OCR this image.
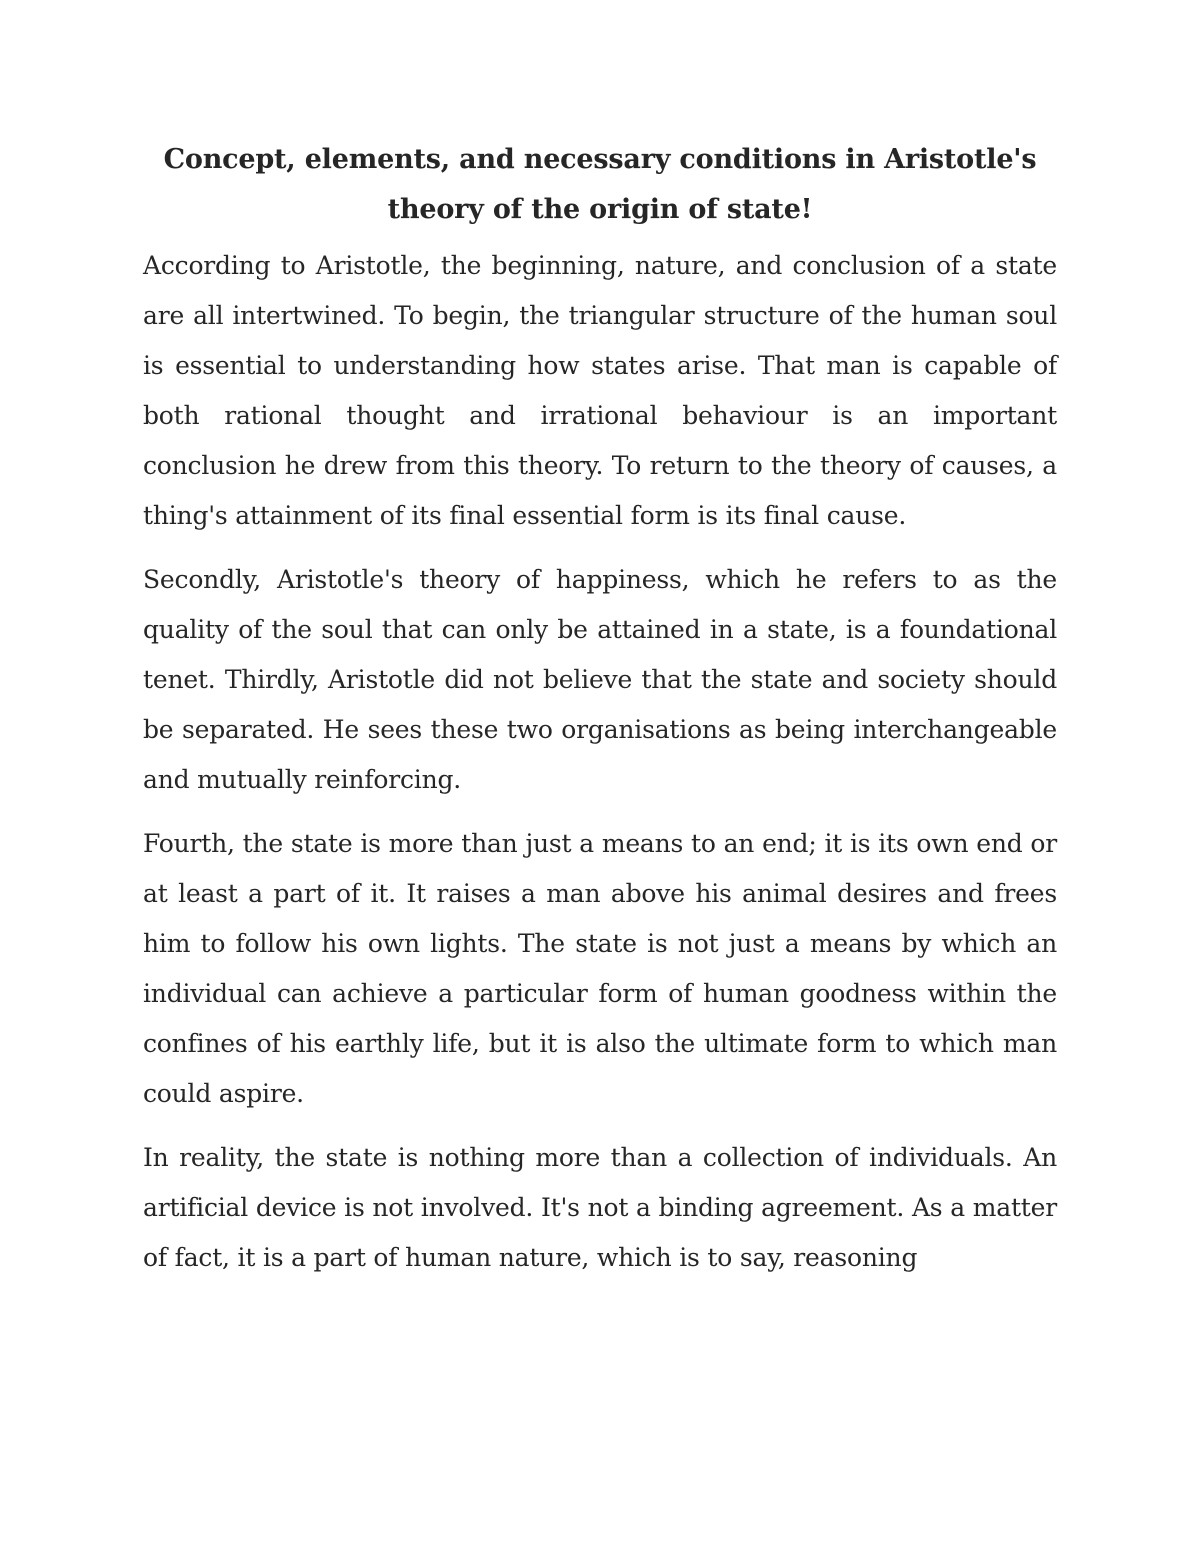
Concept, elements, and necessary conditions in Aristotle's theory of the origin of state!

According to Aristotle, the beginning, nature, and conclusion of a state are all intertwined. To begin, the triangular structure of the human soul is essential to understanding how states arise. That man is capable of both rational thought and irrational behaviour is an important conclusion he drew from this theory. To return to the theory of causes, a thing's attainment of its final essential form is its final cause.

Secondly, Aristotle's theory of happiness, which he refers to as the quality of the soul that can only be attained in a state, is a foundational tenet. Thirdly, Aristotle did not believe that the state and society should be separated. He sees these two organisations as being interchangeable and mutually reinforcing.

Fourth, the state is more than just a means to an end; it is its own end or at least a part of it. It raises a man above his animal desires and frees him to follow his own lights. The state is not just a means by which an individual can achieve a particular form of human goodness within the confines of his earthly life, but it is also the ultimate form to which man could aspire.

In reality, the state is nothing more than a collection of individuals. An artificial device is not involved. It's not a binding agreement. As a matter of fact, it is a part of human nature, which is to say, reasoning
